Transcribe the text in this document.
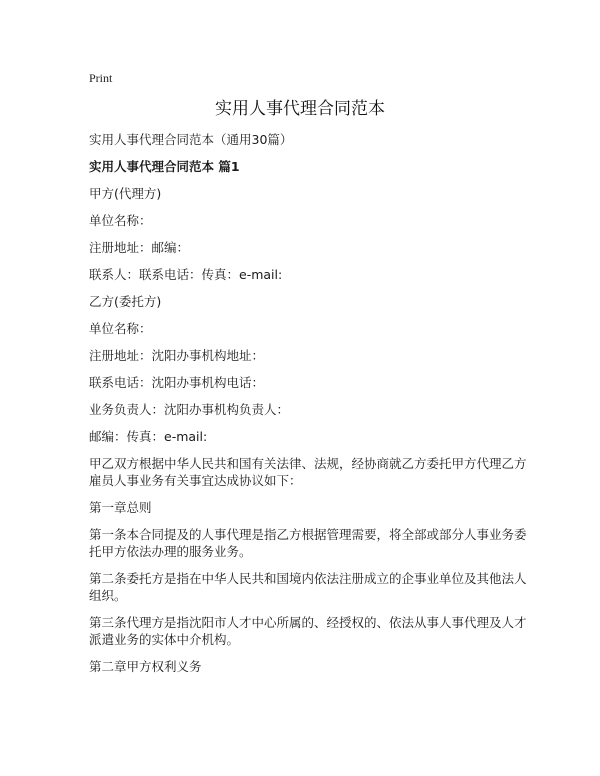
Print
实用人事代理合同范本

实用人事代理合同范本（通用30篇）

实用人事代理合同范本 篇1

甲方(代理方)

单位名称：

注册地址：邮编：

联系人：联系电话：传真：e-mail:

乙方(委托方)

单位名称：

注册地址：沈阳办事机构地址：

联系电话：沈阳办事机构电话：

业务负责人：沈阳办事机构负责人：

邮编：传真：e-mail:

甲乙双方根据中华人民共和国有关法律、法规，经协商就乙方委托甲方代理乙方雇员人事业务有关事宜达成协议如下：

第一章总则

第一条本合同提及的人事代理是指乙方根据管理需要，将全部或部分人事业务委托甲方依法办理的服务业务。

第二条委托方是指在中华人民共和国境内依法注册成立的企事业单位及其他法人组织。

第三条代理方是指沈阳市人才中心所属的、经授权的、依法从事人事代理及人才派遣业务的实体中介机构。

第二章甲方权利义务
